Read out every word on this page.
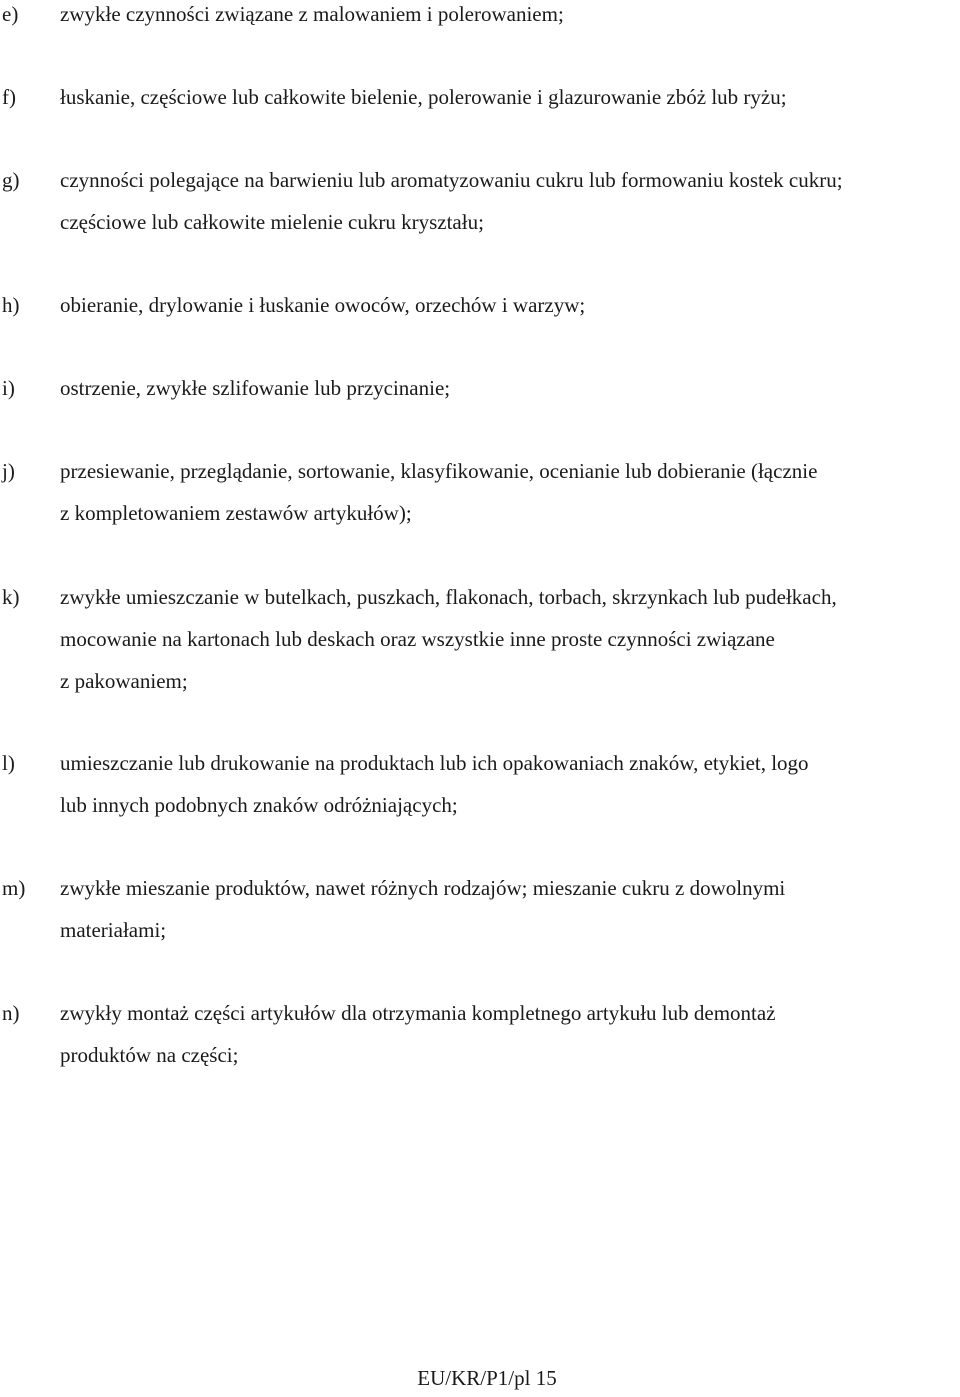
e) zwykłe czynności związane z malowaniem i polerowaniem;
f) łuskanie, częściowe lub całkowite bielenie, polerowanie i glazurowanie zbóż lub ryżu;
g) czynności polegające na barwieniu lub aromatyzowaniu cukru lub formowaniu kostek cukru;
częściowe lub całkowite mielenie cukru kryształu;
h) obieranie, drylowanie i łuskanie owoców, orzechów i warzyw;
i) ostrzenie, zwykłe szlifowanie lub przycinanie;
j) przesiewanie, przeglądanie, sortowanie, klasyfikowanie, ocenianie lub dobieranie (łącznie
z kompletowaniem zestawów artykułów);
k) zwykłe umieszczanie w butelkach, puszkach, flakonach, torbach, skrzynkach lub pudełkach,
mocowanie na kartonach lub deskach oraz wszystkie inne proste czynności związane
z pakowaniem;
l) umieszczanie lub drukowanie na produktach lub ich opakowaniach znaków, etykiet, logo
lub innych podobnych znaków odróżniających;
m) zwykłe mieszanie produktów, nawet różnych rodzajów; mieszanie cukru z dowolnymi
materiałami;
n) zwykły montaż części artykułów dla otrzymania kompletnego artykułu lub demontaż
produktów na części;
EU/KR/P1/pl 15
